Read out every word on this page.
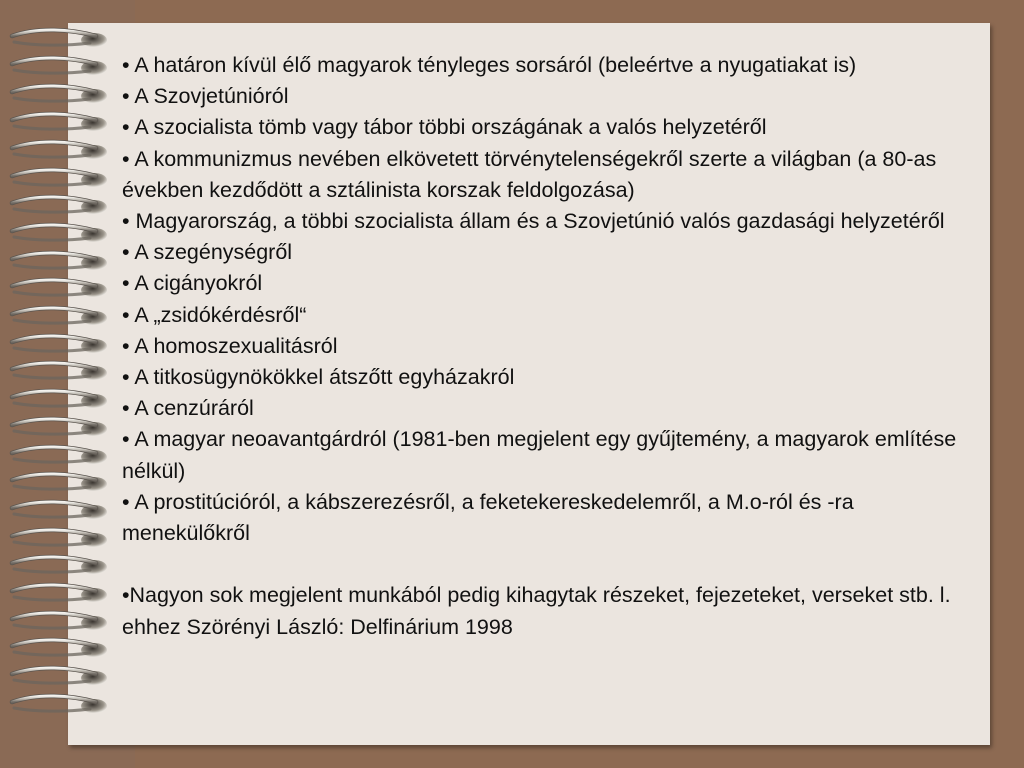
• A határon kívül élő magyarok tényleges sorsáról (beleértve a nyugatiakat is)

• A Szovjetúnióról

• A szocialista tömb vagy tábor többi országának a valós helyzetéről

• A kommunizmus nevében elkövetett törvénytelenségekről szerte a világban (a 80-as években kezdődött a sztálinista korszak feldolgozása)

• Magyarország, a többi szocialista állam és a Szovjetúnió valós gazdasági helyzetéről

• A szegénységről

• A cigányokról

• A „zsidókérdésről“

• A homoszexualitásról

• A titkosügynökökkel átszőtt egyházakról

• A cenzúráról

• A magyar neoavantgárdról (1981-ben megjelent egy gyűjtemény, a magyarok említése nélkül)

• A prostitúcióról, a kábszerezésről, a feketekereskedelemről, a M.o-ról és -ra menekülőkről

•Nagyon sok megjelent munkából pedig kihagytak részeket, fejezeteket, verseket stb. l. ehhez Szörényi László: Delfinárium 1998
